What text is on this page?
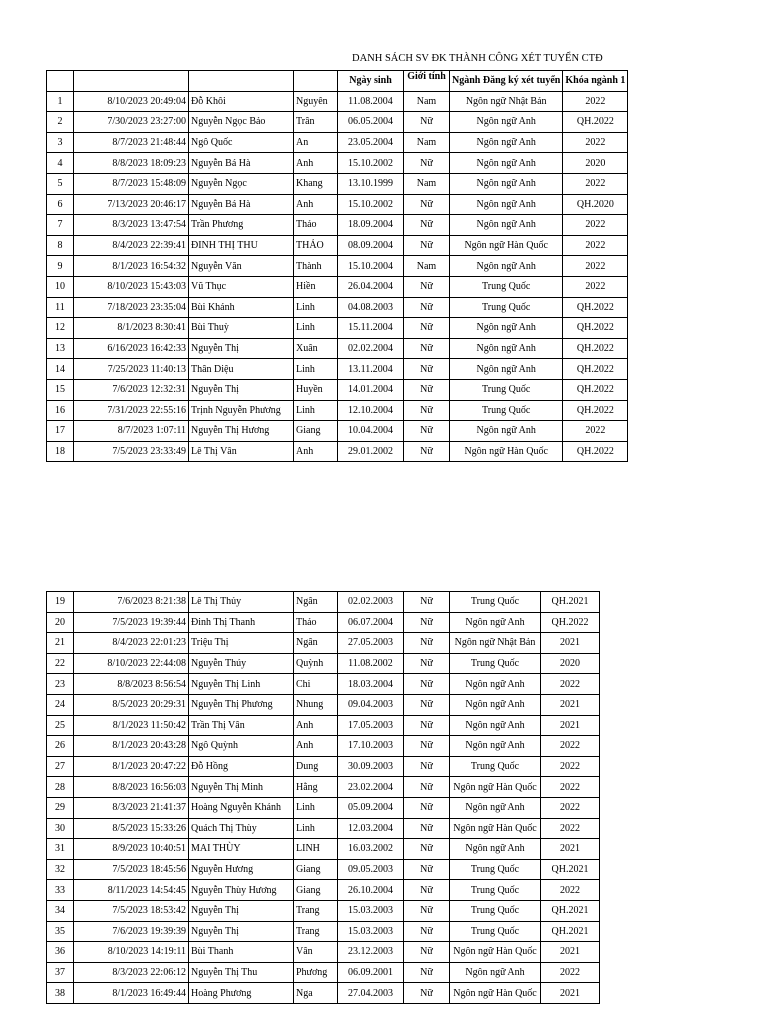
DANH SÁCH SV ĐK THÀNH CÔNG XÉT TUYỂN CTĐ
				Ngày sinh	Giới tính	Ngành Đăng ký xét tuyển	Khóa ngành 1
1	8/10/2023 20:49:04	Đỗ Khôi	Nguyên	11.08.2004	Nam	Ngôn ngữ Nhật Bản	2022
2	7/30/2023 23:27:00	Nguyễn Ngọc Bảo	Trân	06.05.2004	Nữ	Ngôn ngữ Anh	QH.2022
3	8/7/2023 21:48:44	Ngô Quốc	An	23.05.2004	Nam	Ngôn ngữ Anh	2022
4	8/8/2023 18:09:23	Nguyễn Bá Hà	Anh	15.10.2002	Nữ	Ngôn ngữ Anh	2020
5	8/7/2023 15:48:09	Nguyễn Ngọc	Khang	13.10.1999	Nam	Ngôn ngữ Anh	2022
6	7/13/2023 20:46:17	Nguyễn Bá Hà	Anh	15.10.2002	Nữ	Ngôn ngữ Anh	QH.2020
7	8/3/2023 13:47:54	Trần Phương	Thảo	18.09.2004	Nữ	Ngôn ngữ Anh	2022
8	8/4/2023 22:39:41	ĐINH THỊ THU	THẢO	08.09.2004	Nữ	Ngôn ngữ Hàn Quốc	2022
9	8/1/2023 16:54:32	Nguyễn Văn	Thành	15.10.2004	Nam	Ngôn ngữ Anh	2022
10	8/10/2023 15:43:03	Vũ Thục	Hiền	26.04.2004	Nữ	Trung Quốc	2022
11	7/18/2023 23:35:04	Bùi Khánh	Linh	04.08.2003	Nữ	Trung Quốc	QH.2022
12	8/1/2023 8:30:41	Bùi Thuỳ	Linh	15.11.2004	Nữ	Ngôn ngữ Anh	QH.2022
13	6/16/2023 16:42:33	Nguyễn Thị	Xuân	02.02.2004	Nữ	Ngôn ngữ Anh	QH.2022
14	7/25/2023 11:40:13	Thân Diệu	Linh	13.11.2004	Nữ	Ngôn ngữ Anh	QH.2022
15	7/6/2023 12:32:31	Nguyễn Thị	Huyền	14.01.2004	Nữ	Trung Quốc	QH.2022
16	7/31/2023 22:55:16	Trịnh Nguyễn Phương	Linh	12.10.2004	Nữ	Trung Quốc	QH.2022
17	8/7/2023 1:07:11	Nguyễn Thị Hương	Giang	10.04.2004	Nữ	Ngôn ngữ Anh	2022
18	7/5/2023 23:33:49	Lê Thị Vân	Anh	29.01.2002	Nữ	Ngôn ngữ Hàn Quốc	QH.2022
19	7/6/2023 8:21:38	Lê Thị Thủy	Ngân	02.02.2003	Nữ	Trung Quốc	QH.2021
20	7/5/2023 19:39:44	Đinh Thị Thanh	Thảo	06.07.2004	Nữ	Ngôn ngữ Anh	QH.2022
21	8/4/2023 22:01:23	Triệu Thị	Ngân	27.05.2003	Nữ	Ngôn ngữ Nhật Bản	2021
22	8/10/2023 22:44:08	Nguyễn Thúy	Quỳnh	11.08.2002	Nữ	Trung Quốc	2020
23	8/8/2023 8:56:54	Nguyễn Thị Linh	Chi	18.03.2004	Nữ	Ngôn ngữ Anh	2022
24	8/5/2023 20:29:31	Nguyễn Thị Phương	Nhung	09.04.2003	Nữ	Ngôn ngữ Anh	2021
25	8/1/2023 11:50:42	Trần Thị Vân	Anh	17.05.2003	Nữ	Ngôn ngữ Anh	2021
26	8/1/2023 20:43:28	Ngô Quỳnh	Anh	17.10.2003	Nữ	Ngôn ngữ Anh	2022
27	8/1/2023 20:47:22	Đỗ Hồng	Dung	30.09.2003	Nữ	Trung Quốc	2022
28	8/8/2023 16:56:03	Nguyễn Thị Minh	Hằng	23.02.2004	Nữ	Ngôn ngữ Hàn Quốc	2022
29	8/3/2023 21:41:37	Hoàng Nguyễn Khánh	Linh	05.09.2004	Nữ	Ngôn ngữ Anh	2022
30	8/5/2023 15:33:26	Quách Thị Thùy	Linh	12.03.2004	Nữ	Ngôn ngữ Hàn Quốc	2022
31	8/9/2023 10:40:51	MAI THÙY	LINH	16.03.2002	Nữ	Ngôn ngữ Anh	2021
32	7/5/2023 18:45:56	Nguyễn Hương	Giang	09.05.2003	Nữ	Trung Quốc	QH.2021
33	8/11/2023 14:54:45	Nguyễn Thùy Hương	Giang	26.10.2004	Nữ	Trung Quốc	2022
34	7/5/2023 18:53:42	Nguyễn Thị	Trang	15.03.2003	Nữ	Trung Quốc	QH.2021
35	7/6/2023 19:39:39	Nguyễn Thị	Trang	15.03.2003	Nữ	Trung Quốc	QH.2021
36	8/10/2023 14:19:11	Bùi Thanh	Vân	23.12.2003	Nữ	Ngôn ngữ Hàn Quốc	2021
37	8/3/2023 22:06:12	Nguyễn Thị Thu	Phương	06.09.2001	Nữ	Ngôn ngữ Anh	2022
38	8/1/2023 16:49:44	Hoàng Phương	Nga	27.04.2003	Nữ	Ngôn ngữ Hàn Quốc	2021
